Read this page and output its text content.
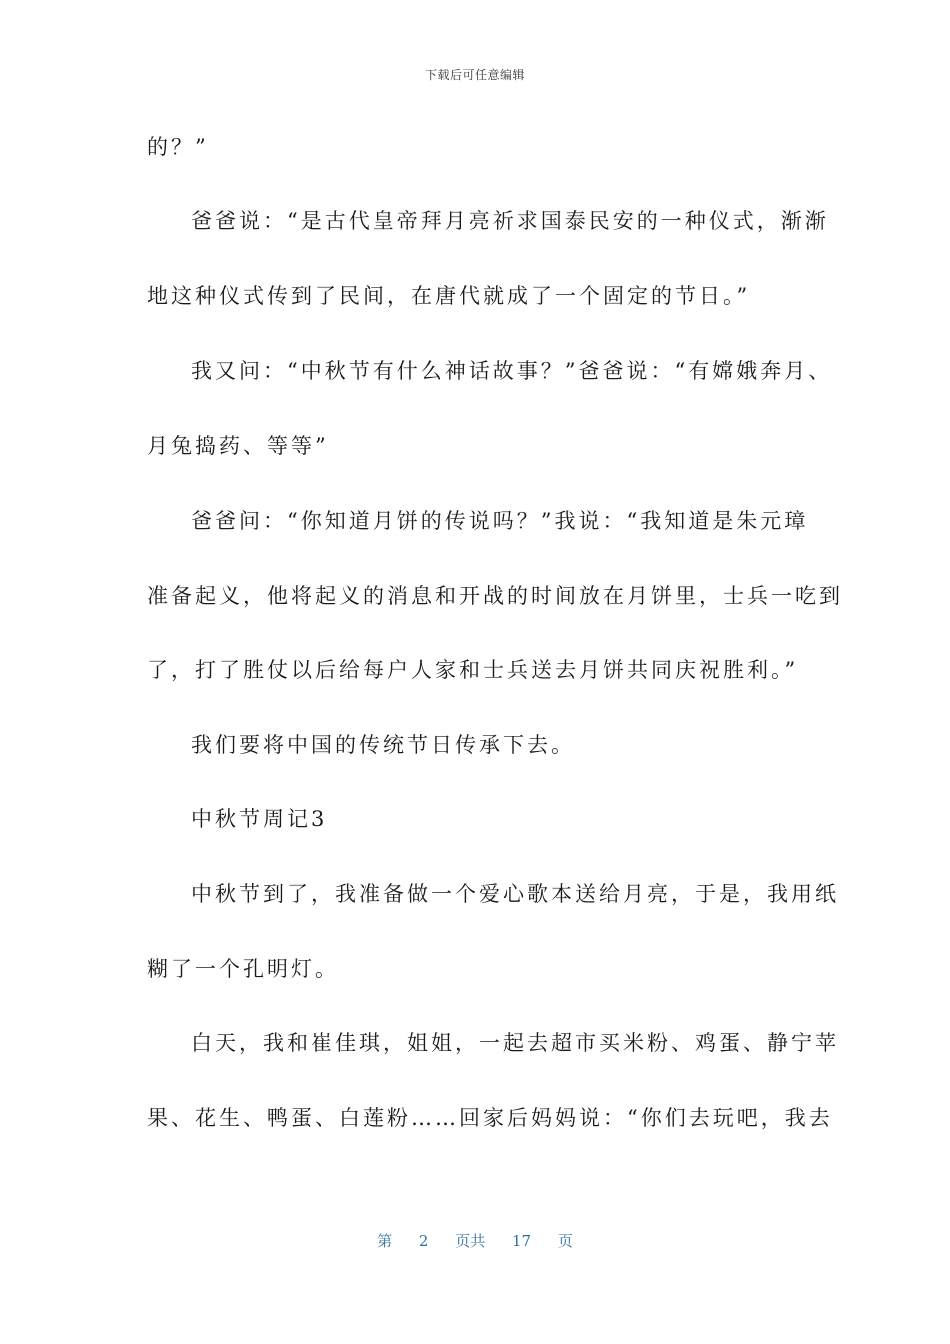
下载后可任意编辑
的？”
爸爸说：“是古代皇帝拜月亮祈求国泰民安的一种仪式，渐渐
地这种仪式传到了民间，在唐代就成了一个固定的节日。”
我又问：“中秋节有什么神话故事？”爸爸说：“有嫦娥奔月、
月兔捣药、等等”
爸爸问：“你知道月饼的传说吗？”我说：“我知道是朱元璋
准备起义，他将起义的消息和开战的时间放在月饼里，士兵一吃到
了，打了胜仗以后给每户人家和士兵送去月饼共同庆祝胜利。”
我们要将中国的传统节日传承下去。
中秋节周记3
中秋节到了，我准备做一个爱心歌本送给月亮，于是，我用纸
糊了一个孔明灯。
白天，我和崔佳琪，姐姐，一起去超市买米粉、鸡蛋、静宁苹
果、花生、鸭蛋、白莲粉……回家后妈妈说：“你们去玩吧，我去
第 2 页共 17 页
